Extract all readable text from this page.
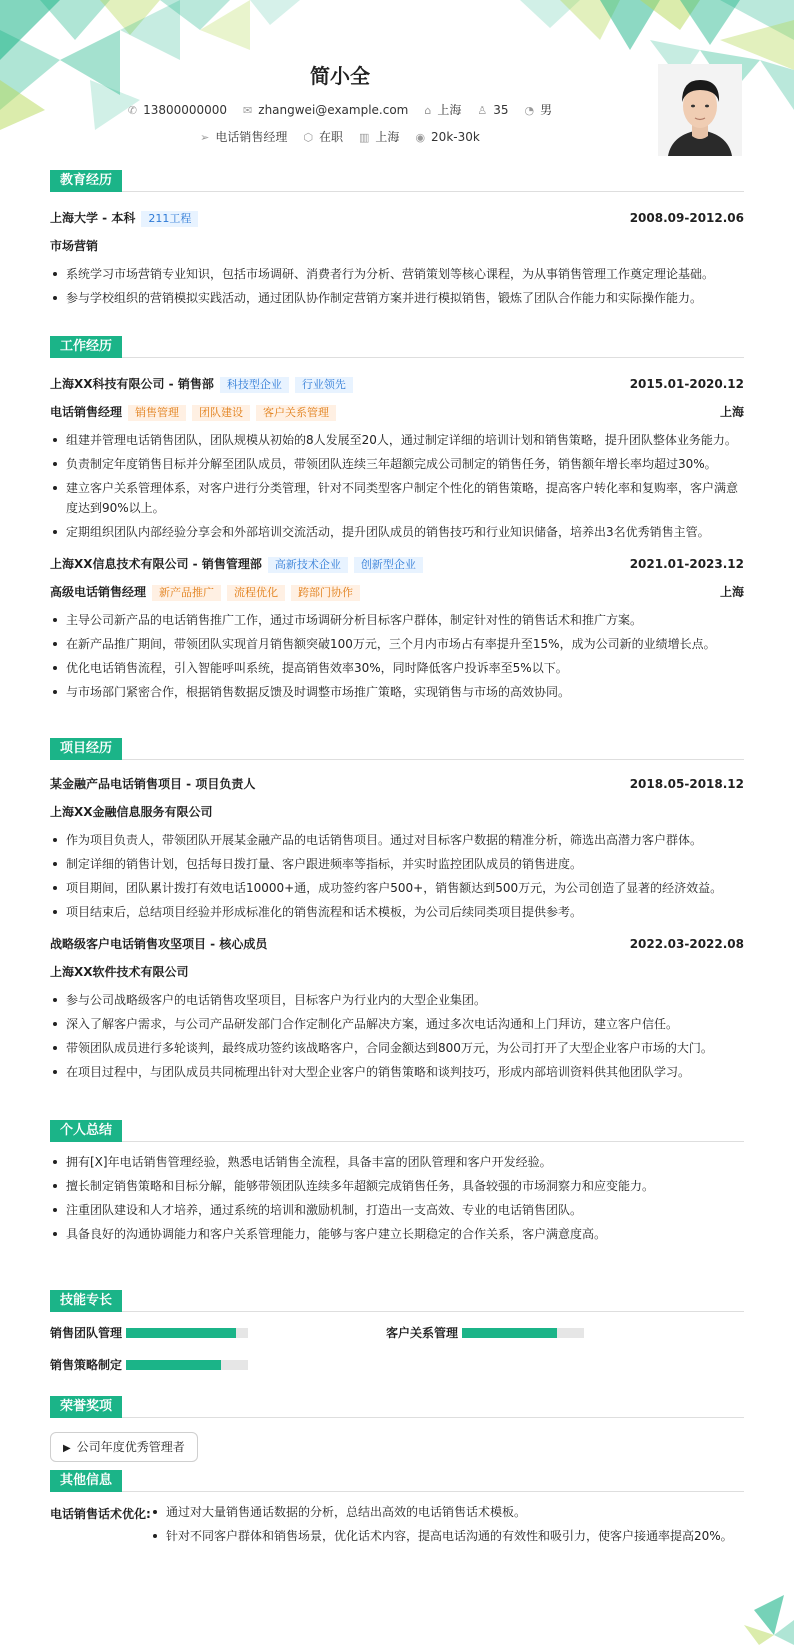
简小全
✆ 13800000000 ✉ zhangwei@example.com ⌂ 上海 ♙ 35 ◔ 男
➢ 电话销售经理 ⬡ 在职 ▥ 上海 ◉ 20k-30k
教育经历
上海大学 - 本科 211工程	2008.09-2012.06
市场营销
系统学习市场营销专业知识，包括市场调研、消费者行为分析、营销策划等核心课程，为从事销售管理工作奠定理论基础。
参与学校组织的营销模拟实践活动，通过团队协作制定营销方案并进行模拟销售，锻炼了团队合作能力和实际操作能力。
工作经历
上海XX科技有限公司 - 销售部 科技型企业 行业领先	2015.01-2020.12
电话销售经理 销售管理 团队建设 客户关系管理	上海
组建并管理电话销售团队，团队规模从初始的8人发展至20人，通过制定详细的培训计划和销售策略，提升团队整体业务能力。
负责制定年度销售目标并分解至团队成员，带领团队连续三年超额完成公司制定的销售任务，销售额年增长率均超过30%。
建立客户关系管理体系，对客户进行分类管理，针对不同类型客户制定个性化的销售策略，提高客户转化率和复购率，客户满意度达到90%以上。
定期组织团队内部经验分享会和外部培训交流活动，提升团队成员的销售技巧和行业知识储备，培养出3名优秀销售主管。
上海XX信息技术有限公司 - 销售管理部 高新技术企业 创新型企业	2021.01-2023.12
高级电话销售经理 新产品推广 流程优化 跨部门协作	上海
主导公司新产品的电话销售推广工作，通过市场调研分析目标客户群体，制定针对性的销售话术和推广方案。
在新产品推广期间，带领团队实现首月销售额突破100万元，三个月内市场占有率提升至15%，成为公司新的业绩增长点。
优化电话销售流程，引入智能呼叫系统，提高销售效率30%，同时降低客户投诉率至5%以下。
与市场部门紧密合作，根据销售数据反馈及时调整市场推广策略，实现销售与市场的高效协同。
项目经历
某金融产品电话销售项目 - 项目负责人	2018.05-2018.12
上海XX金融信息服务有限公司
作为项目负责人，带领团队开展某金融产品的电话销售项目。通过对目标客户数据的精准分析，筛选出高潜力客户群体。
制定详细的销售计划，包括每日拨打量、客户跟进频率等指标，并实时监控团队成员的销售进度。
项目期间，团队累计拨打有效电话10000+通，成功签约客户500+，销售额达到500万元，为公司创造了显著的经济效益。
项目结束后，总结项目经验并形成标准化的销售流程和话术模板，为公司后续同类项目提供参考。
战略级客户电话销售攻坚项目 - 核心成员	2022.03-2022.08
上海XX软件技术有限公司
参与公司战略级客户的电话销售攻坚项目，目标客户为行业内的大型企业集团。
深入了解客户需求，与公司产品研发部门合作定制化产品解决方案，通过多次电话沟通和上门拜访，建立客户信任。
带领团队成员进行多轮谈判，最终成功签约该战略客户，合同金额达到800万元，为公司打开了大型企业客户市场的大门。
在项目过程中，与团队成员共同梳理出针对大型企业客户的销售策略和谈判技巧，形成内部培训资料供其他团队学习。
个人总结
拥有[X]年电话销售管理经验，熟悉电话销售全流程，具备丰富的团队管理和客户开发经验。
擅长制定销售策略和目标分解，能够带领团队连续多年超额完成销售任务，具备较强的市场洞察力和应变能力。
注重团队建设和人才培养，通过系统的培训和激励机制，打造出一支高效、专业的电话销售团队。
具备良好的沟通协调能力和客户关系管理能力，能够与客户建立长期稳定的合作关系，客户满意度高。
技能专长
销售团队管理	客户关系管理
销售策略制定
荣誉奖项
▶ 公司年度优秀管理者
其他信息
电话销售话术优化:	通过对大量销售通话数据的分析，总结出高效的电话销售话术模板。
针对不同客户群体和销售场景，优化话术内容，提高电话沟通的有效性和吸引力，使客户接通率提高20%。
